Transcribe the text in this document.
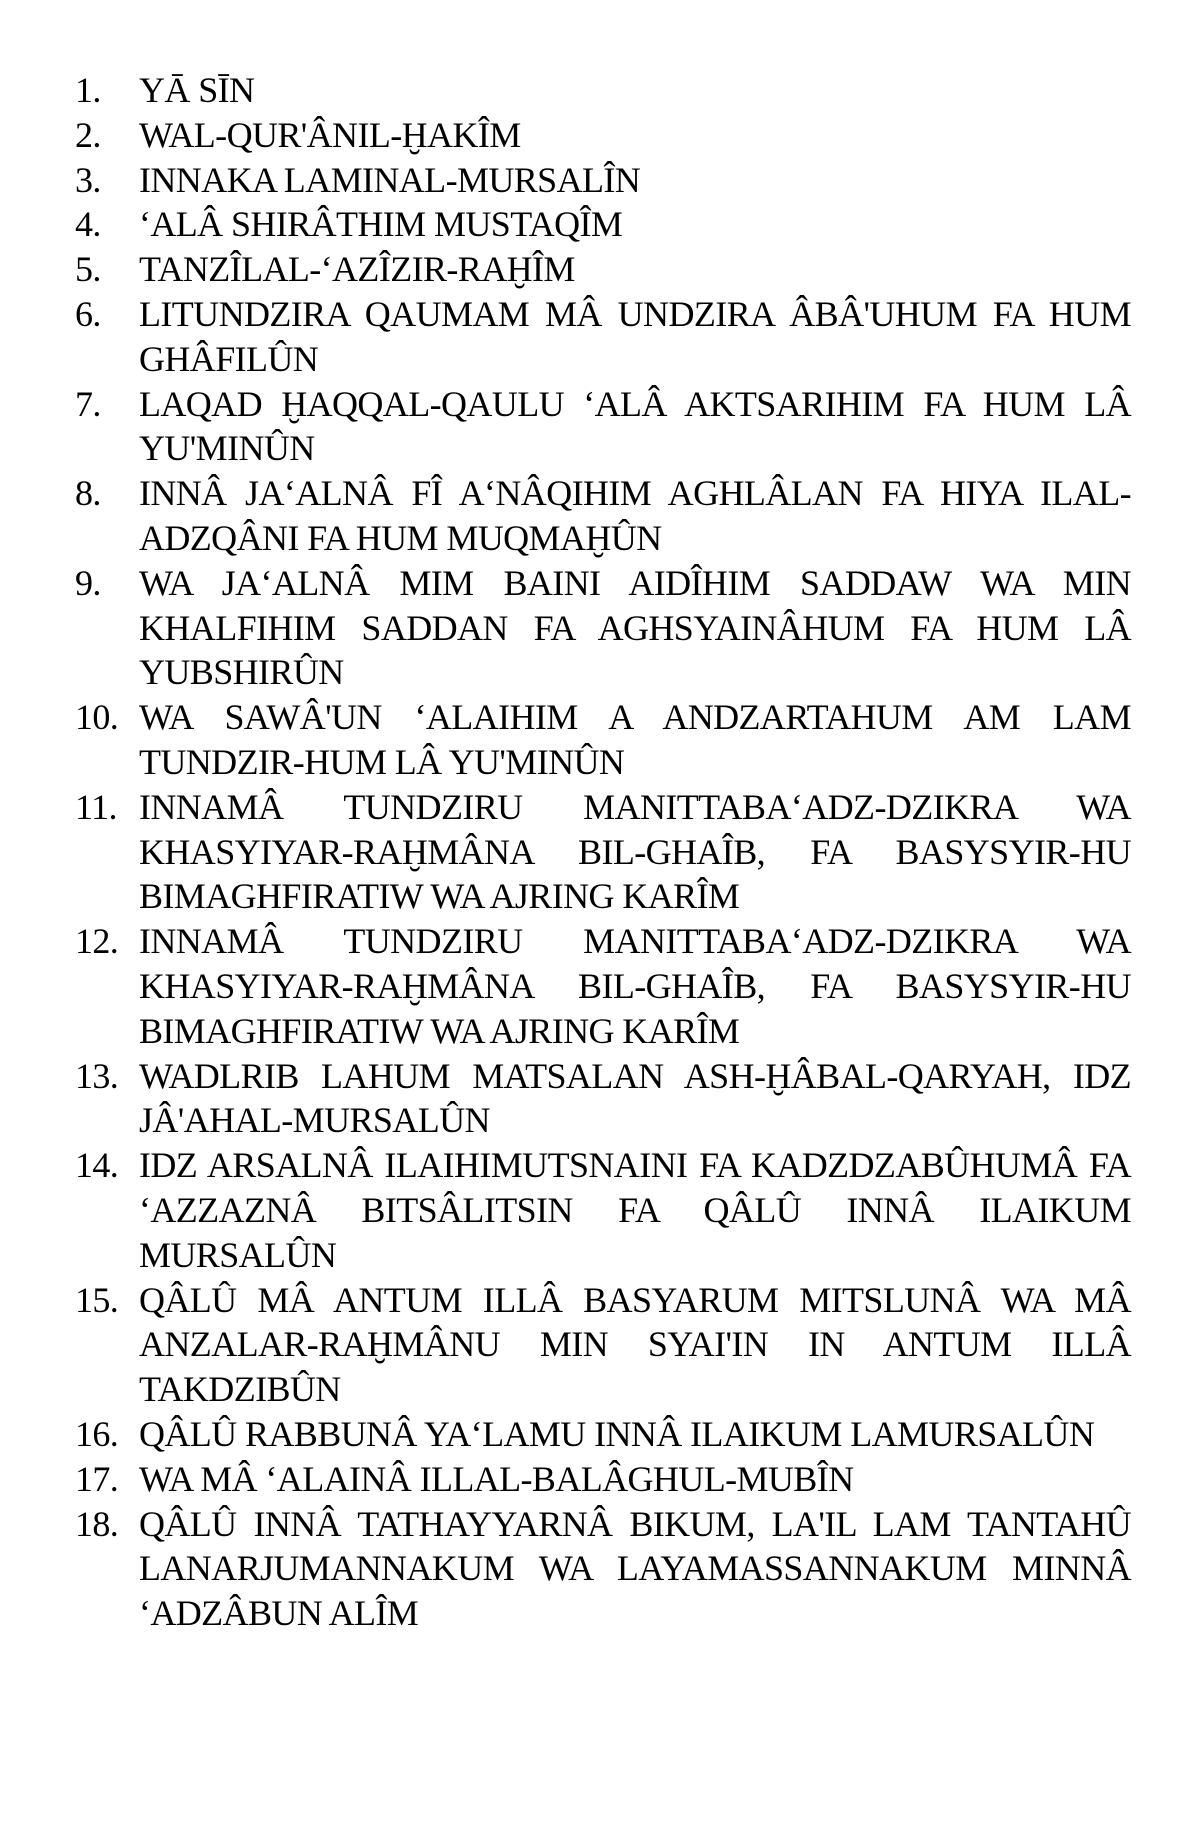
1.	YĀ SĪN
2.	WAL-QUR'ÂNIL-ḪAKÎM
3.	INNAKA LAMINAL-MURSALÎN
4.	‘ALÂ SHIRÂTHIM MUSTAQÎM
5.	TANZÎLAL-‘AZÎZIR-RAḪÎM
6.	LITUNDZIRA QAUMAM MÂ UNDZIRA ÂBÂ'UHUM FA HUM GHÂFILÛN
7.	LAQAD ḪAQQAL-QAULU ‘ALÂ AKTSARIHIM FA HUM LÂ YU'MINÛN
8.	INNÂ JA‘ALNÂ FÎ A‘NÂQIHIM AGHLÂLAN FA HIYA ILAL-ADZQÂNI FA HUM MUQMAḪÛN
9.	WA JA‘ALNÂ MIM BAINI AIDÎHIM SADDAW WA MIN KHALFIHIM SADDAN FA AGHSYAINÂHUM FA HUM LÂ YUBSHIRÛN
10. WA SAWÂ'UN ‘ALAIHIM A ANDZARTAHUM AM LAM TUNDZIR-HUM LÂ YU'MINÛN
11. INNAMÂ TUNDZIRU MANITTABA‘ADZ-DZIKRA WA KHASYIYAR-RAḪMÂNA BIL-GHAÎB, FA BASYSYIR-HU BIMAGHFIRATIW WA AJRING KARÎM
12. INNAMÂ TUNDZIRU MANITTABA‘ADZ-DZIKRA WA KHASYIYAR-RAḪMÂNA BIL-GHAÎB, FA BASYSYIR-HU BIMAGHFIRATIW WA AJRING KARÎM
13. WADLRIB LAHUM MATSALAN ASH-ḪÂBAL-QARYAH, IDZ JÂ'AHAL-MURSALÛN
14. IDZ ARSALNÂ ILAIHIMUTSNAINI FA KADZDZABÛHUMÂ FA ‘AZZAZNÂ BITSÂLITSIN FA QÂLÛ INNÂ ILAIKUM MURSALÛN
15. QÂLÛ MÂ ANTUM ILLÂ BASYARUM MITSLUNÂ WA MÂ ANZALAR-RAḪMÂNU MIN SYAI'IN IN ANTUM ILLÂ TAKDZIBÛN
16. QÂLÛ RABBUNÂ YA‘LAMU INNÂ ILAIKUM LAMURSALÛN
17. WA MÂ ‘ALAINÂ ILLAL-BALÂGHUL-MUBÎN
18. QÂLÛ INNÂ TATHAYYARNÂ BIKUM, LA'IL LAM TANTAHÛ LANARJUMANNAKUM WA LAYAMASSANNAKUM MINNÂ ‘ADZÂBUN ALÎM
